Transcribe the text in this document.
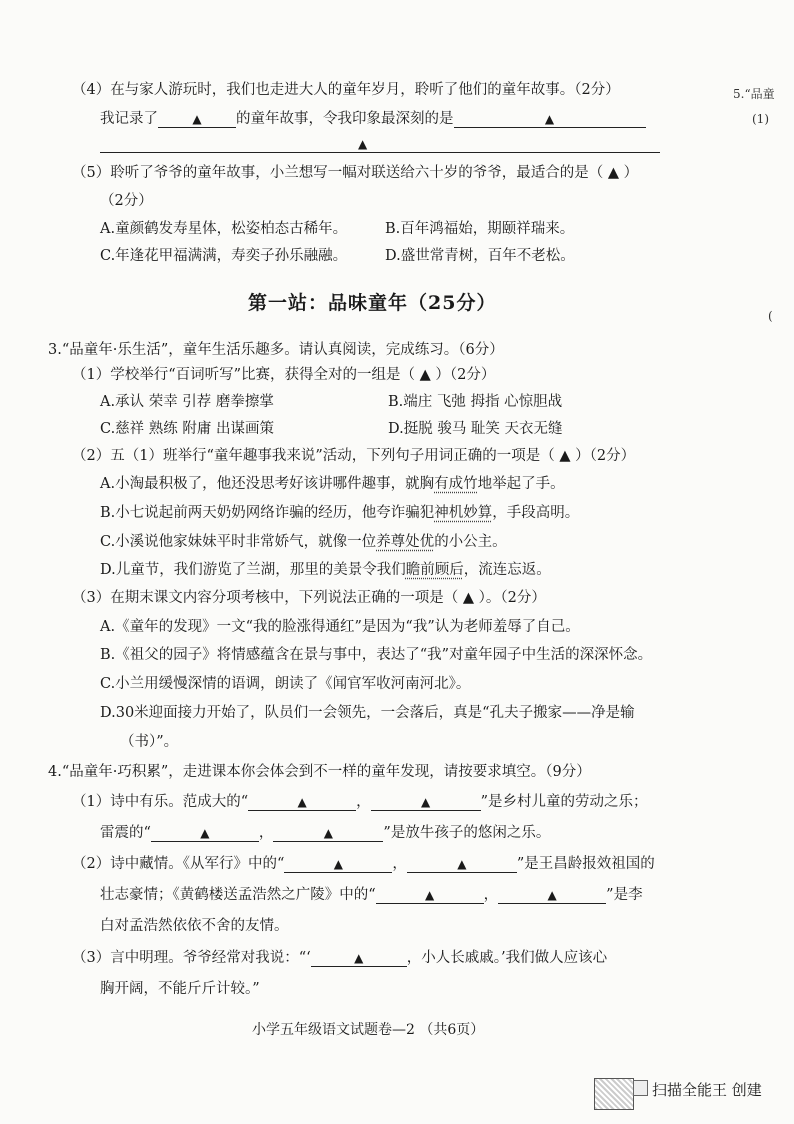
5.“品童
(1)
(
（4）在与家人游玩时，我们也走进大人的童年岁月，聆听了他们的童年故事。（2分）
我记录了	▲ 的童年故事，令我印象最深刻的是	▲
▲
（5）聆听了爷爷的童年故事，小兰想写一幅对联送给六十岁的爷爷，最适合的是（ ▲ ）
（2分）
A.童颜鹤发寿星体，松姿柏态古稀年。	B.百年鸿福始，期颐祥瑞来。
C.年逢花甲福满满，寿奕子孙乐融融。	D.盛世常青树，百年不老松。
第一站：品味童年（25分）
3.“品童年·乐生活”，童年生活乐趣多。请认真阅读，完成练习。（6分）
（1）学校举行“百词听写”比赛，获得全对的一组是（ ▲ ）（2分）
A.承认 荣幸 引荐 磨拳擦掌	B.端庄 飞弛 拇指 心惊胆战
C.慈祥 熟练 附庸 出谋画策	D.挺脱 骏马 耻笑 天衣无缝
（2）五（1）班举行“童年趣事我来说”活动，下列句子用词正确的一项是（ ▲ ）（2分）
A.小淘最积极了，他还没思考好该讲哪件趣事，就胸有成竹地举起了手。
B.小七说起前两天奶奶网络诈骗的经历，他夸诈骗犯神机妙算，手段高明。
C.小溪说他家妹妹平时非常娇气，就像一位养尊处优的小公主。
D.儿童节，我们游览了兰湖，那里的美景令我们瞻前顾后，流连忘返。
（3）在期末课文内容分项考核中，下列说法正确的一项是（ ▲ ）。（2分）
A.《童年的发现》一文“我的脸涨得通红”是因为“我”认为老师羞辱了自己。
B.《祖父的园子》将情感蕴含在景与事中，表达了“我”对童年园子中生活的深深怀念。
C.小兰用缓慢深情的语调，朗读了《闻官军收河南河北》。
D.30米迎面接力开始了，队员们一会领先，一会落后，真是“孔夫子搬家——净是输
（书）”。
4.“品童年·巧积累”，走进课本你会体会到不一样的童年发现，请按要求填空。（9分）
（1）诗中有乐。范成大的“	▲	，	▲	”是乡村儿童的劳动之乐；
雷震的“	▲	，	▲	”是放牛孩子的悠闲之乐。
（2）诗中藏情。《从军行》中的“	▲	，	▲	”是王昌龄报效祖国的
壮志豪情；《黄鹤楼送孟浩然之广陵》中的“	▲	，	▲	”是李
白对孟浩然依依不舍的友情。
（3）言中明理。爷爷经常对我说：“‘	▲	，小人长戚戚。’我们做人应该心
胸开阔，不能斤斤计较。”
小学五年级语文试题卷—2 （共6页）
扫描全能王 创建
